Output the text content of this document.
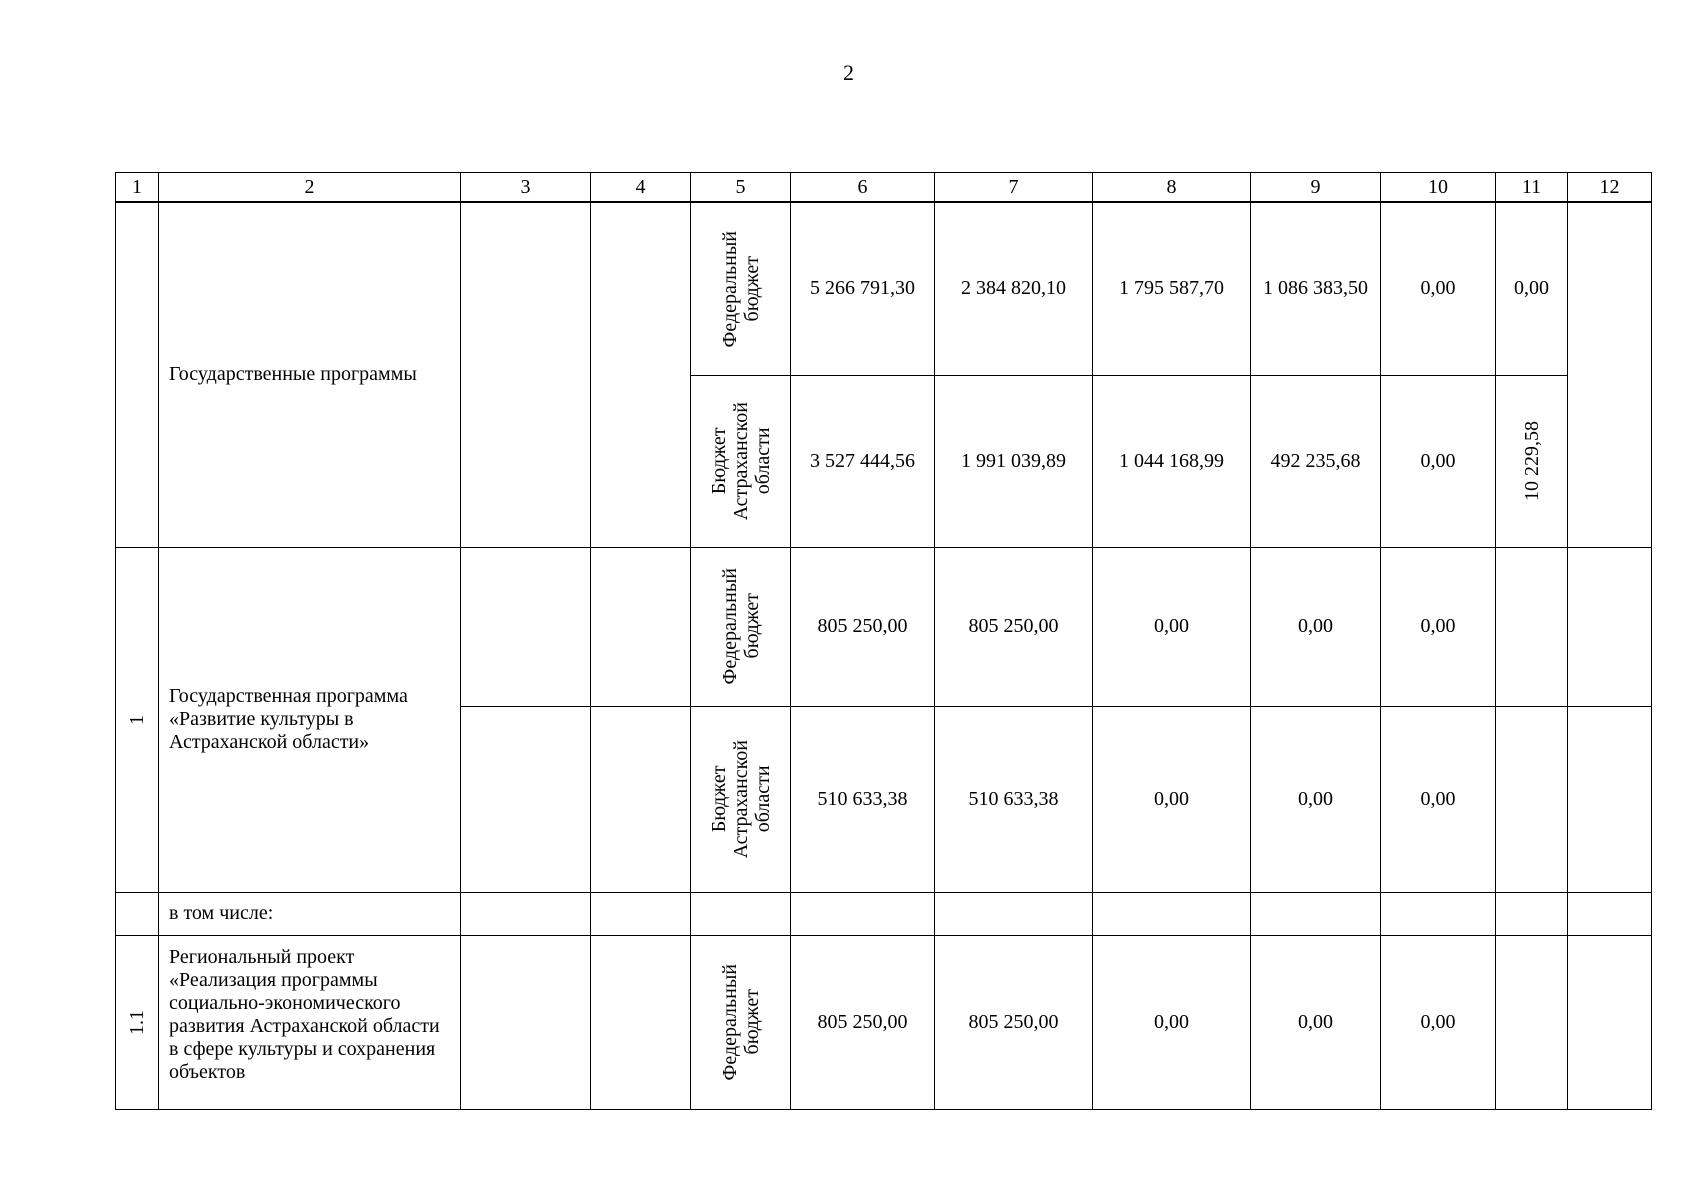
2
1	2	3	4	5	6	7	8	9	10	11	12
	Государственные программы			Федеральный
бюджет	5 266 791,30	2 384 820,10	1 795 587,70	1 086 383,50	0,00	0,00	

				Бюджет
Астраханской
области	3 527 444,56	1 991 039,89	1 044 168,99	492 235,68	0,00	10 229,58	

1	Государственная программа «Развитие культуры в Астраханской области»			Федеральный
бюджет	805 250,00	805 250,00	0,00	0,00	0,00		

				Бюджет
Астраханской
области	510 633,38	510 633,38	0,00	0,00	0,00		
	в том числе:										

1.1	Региональный проект «Реализация программы социально-экономического развития Астраханской области в сфере культуры и сохранения объектов			Федеральный
бюджет	805 250,00	805 250,00	0,00	0,00	0,00		
